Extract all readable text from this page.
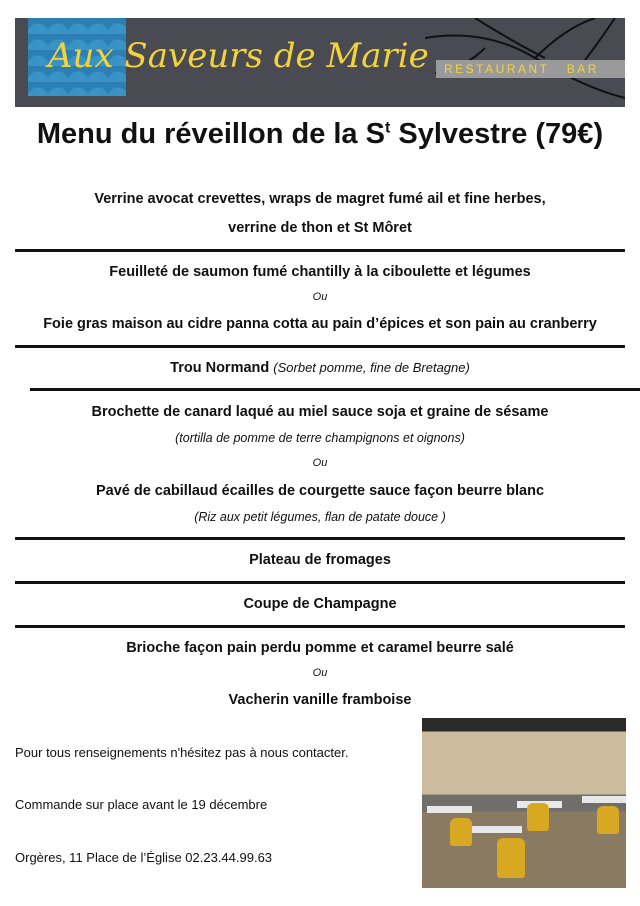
Aux Saveurs de Marie	RESTAURANT   BAR
Menu du réveillon de la $S^t$ Sylvestre (79€)
Verrine avocat crevettes, wraps de magret fumé ail et fine herbes,
verrine de thon et St Môret
Feuilleté de saumon fumé chantilly à la ciboulette et légumes
Ou
Foie gras maison au cidre panna cotta au pain d’épices et son pain au cranberry
Trou Normand (Sorbet pomme, fine de Bretagne)
Brochette de canard laqué au miel sauce soja et graine de sésame
(tortilla de pomme de terre champignons et oignons)
Ou
Pavé de cabillaud écailles de courgette sauce façon beurre blanc
(Riz aux petit légumes, flan de patate douce )
Plateau de fromages
Coupe de Champagne
Brioche façon pain perdu pomme et caramel beurre salé
Ou
Vacherin vanille framboise
Pour tous renseignements n'hésitez pas à nous contacter.
Commande sur place avant le 19 décembre
Orgères, 11 Place de l’Église 02.23.44.99.63
